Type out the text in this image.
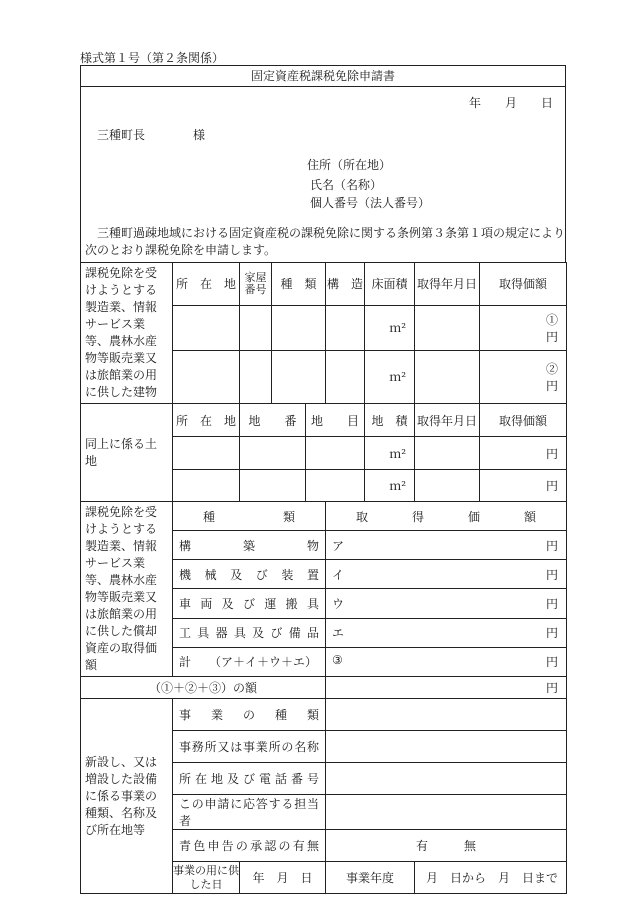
様式第１号（第２条関係）
固定資産税課税免除申請書
年　　月　　日
三種町長　　　　様
住所（所在地）
氏名（名称）
個人番号（法人番号）
三種町過疎地域における固定資産税の課税免除に関する条例第３条第１項の規定により
次のとおり課税免除を申請します。
課税免除を受けようとする製造業、情報サービス業等、農林水産物等販売業又は旅館業の用に供した建物	所　在　地	家屋番号	種　類		構　造	床面積	取得年月日	取得価額
						ｍ²		①　　　　　円
						ｍ²		②　　　　　円
同上に係る土地	所　在　地	地　　番		地　　目		地　積	取得年月日	取得価額
						ｍ²		円
						ｍ²		円
課税免除を受けようとする製造業、情報サービス業等、農林水産物等販売業又は旅館業の用に供した償却資産の取得価額	種類				取得価額			
	構築物				ア 円			

	機械及び装置				イ 円			

	車両及び運搬具				ウ 円			

	工具器具及び備品				エ 円			

	計　　（ア＋イ＋ウ＋エ）				③ 円			

（①＋②＋③）の額					円			
新設し、又は増設した設備に係る事業の種類、名称及び所在地等	事業の種類							
	事務所又は事業所の名称							
	所在地及び電話番号							
	この申請に応答する担当者							
	青色申告の承認の有無				有　　　無			
	事業の用に供した日	年　月　日			事業年度		月　日から　月　日まで	
